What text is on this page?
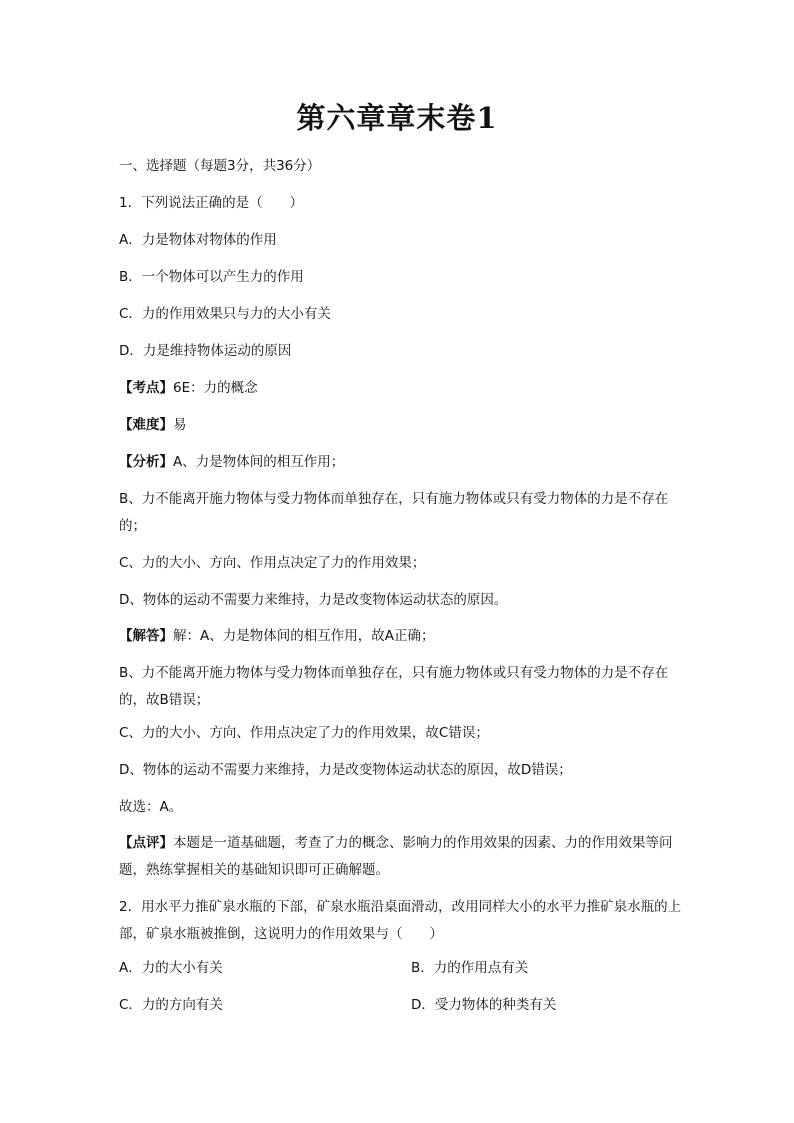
第六章章末卷1
一、选择题（每题3分，共36分）
1．下列说法正确的是（　　）
A．力是物体对物体的作用
B．一个物体可以产生力的作用
C．力的作用效果只与力的大小有关
D．力是维持物体运动的原因
【考点】6E：力的概念
【难度】易
【分析】A、力是物体间的相互作用；
B、力不能离开施力物体与受力物体而单独存在，只有施力物体或只有受力物体的力是不存在的；
C、力的大小、方向、作用点决定了力的作用效果；
D、物体的运动不需要力来维持，力是改变物体运动状态的原因。
【解答】解：A、力是物体间的相互作用，故A正确；
B、力不能离开施力物体与受力物体而单独存在，只有施力物体或只有受力物体的力是不存在的，故B错误；
C、力的大小、方向、作用点决定了力的作用效果，故C错误；
D、物体的运动不需要力来维持，力是改变物体运动状态的原因，故D错误；
故选：A。
【点评】本题是一道基础题，考查了力的概念、影响力的作用效果的因素、力的作用效果等问题，熟练掌握相关的基础知识即可正确解题。
2．用水平力推矿泉水瓶的下部，矿泉水瓶沿桌面滑动，改用同样大小的水平力推矿泉水瓶的上部，矿泉水瓶被推倒，这说明力的作用效果与（　　）
A．力的大小有关	B．力的作用点有关
C．力的方向有关	D．受力物体的种类有关
